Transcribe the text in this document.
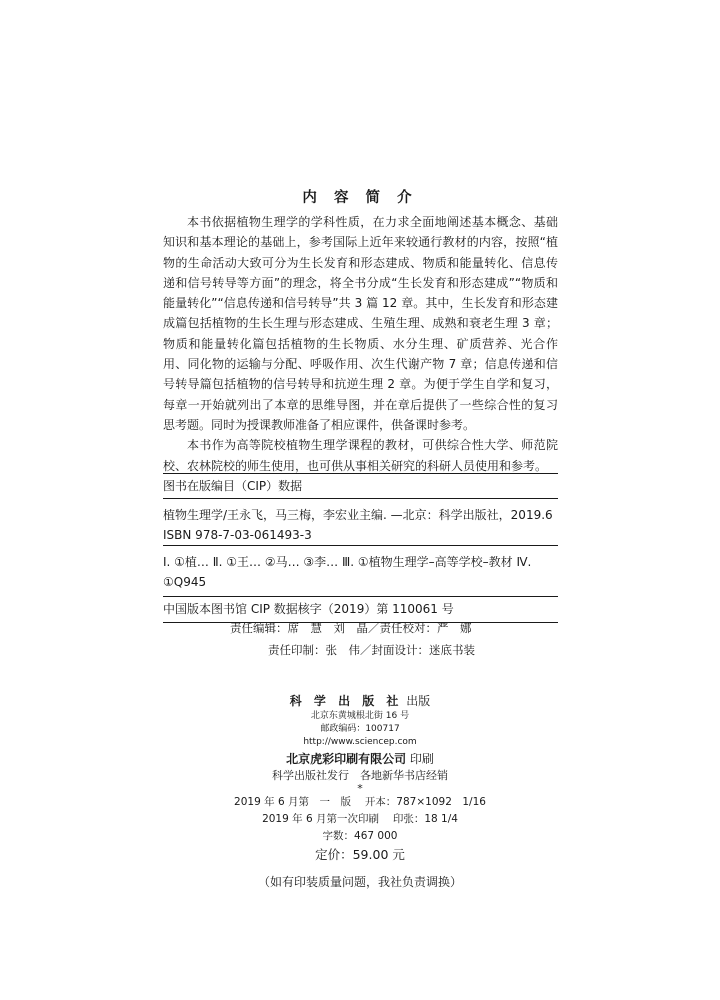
内 容 简 介

本书依据植物生理学的学科性质，在力求全面地阐述基本概念、基础知识和基本理论的基础上，参考国际上近年来较通行教材的内容，按照“植物的生命活动大致可分为生长发育和形态建成、物质和能量转化、信息传递和信号转导等方面”的理念，将全书分成“生长发育和形态建成”“物质和能量转化”“信息传递和信号转导”共 3 篇 12 章。其中，生长发育和形态建成篇包括植物的生长生理与形态建成、生殖生理、成熟和衰老生理 3 章；物质和能量转化篇包括植物的生长物质、水分生理、矿质营养、光合作用、同化物的运输与分配、呼吸作用、次生代谢产物 7 章；信息传递和信号转导篇包括植物的信号转导和抗逆生理 2 章。为便于学生自学和复习，每章一开始就列出了本章的思维导图，并在章后提供了一些综合性的复习思考题。同时为授课教师准备了相应课件，供备课时参考。

本书作为高等院校植物生理学课程的教材，可供综合性大学、师范院校、农林院校的师生使用，也可供从事相关研究的科研人员使用和参考。

图书在版编目（CIP）数据
植物生理学/王永飞，马三梅，李宏业主编. —北京：科学出版社，2019.6
ISBN 978-7-03-061493-3
Ⅰ. ①植… Ⅱ. ①王… ②马… ③李… Ⅲ. ①植物生理学–高等学校–教材 Ⅳ. ①Q945
中国版本图书馆 CIP 数据核字（2019）第 110061 号
责任编辑：席　慧　刘　晶／责任校对：严　娜
责任印制：张　伟／封面设计：迷底书装
科 学 出 版 社 出版
北京东黄城根北街 16 号
邮政编码：100717
http://www.sciencep.com
北京虎彩印刷有限公司 印刷
科学出版社发行　各地新华书店经销
*
2019 年 6 月第　一　版　 开本：787×1092　1/16
2019 年 6 月第一次印刷　 印张：18 1/4
字数：467 000
定价：59.00 元
（如有印装质量问题，我社负责调换）
